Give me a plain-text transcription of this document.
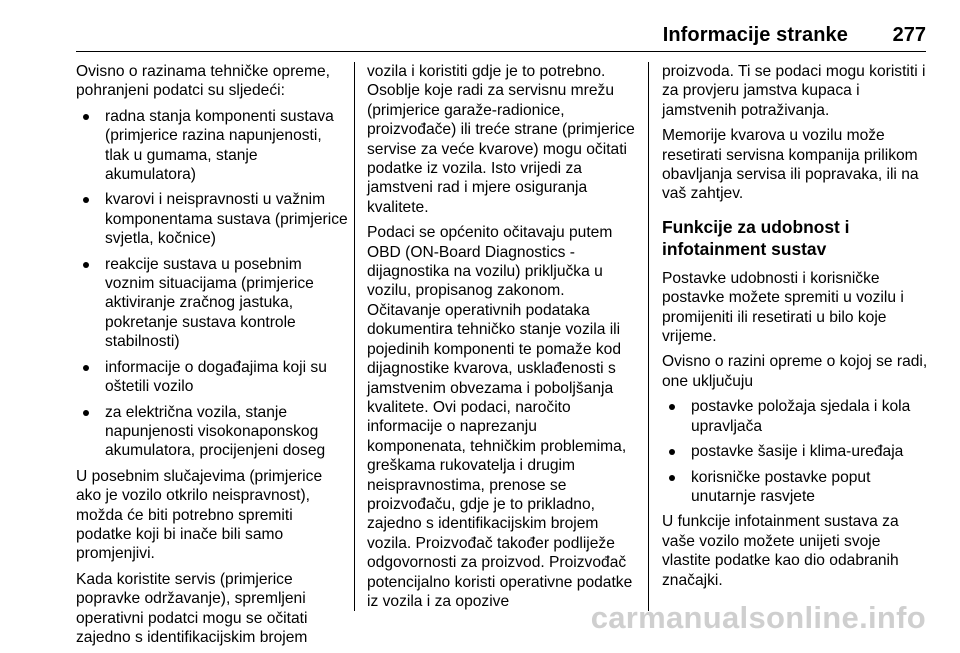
Informacije stranke 277

Ovisno o razinama tehničke opreme, pohranjeni podatci su sljedeći:

radna stanja komponenti sustava (primjerice razina napunjenosti, tlak u gumama, stanje akumulatora)
kvarovi i neispravnosti u važnim komponentama sustava (primjerice svjetla, kočnice)
reakcije sustava u posebnim voznim situacijama (primjerice aktiviranje zračnog jastuka, pokretanje sustava kontrole stabilnosti)
informacije o događajima koji su oštetili vozilo
za električna vozila, stanje napunjenosti visokonaponskog akumulatora, procijenjeni doseg

U posebnim slučajevima (primjerice ako je vozilo otkrilo neispravnost), možda će biti potrebno spremiti podatke koji bi inače bili samo promjenjivi.

Kada koristite servis (primjerice popravke održavanje), spremljeni operativni podatci mogu se očitati zajedno s identifikacijskim brojem

vozila i koristiti gdje je to potrebno. Osoblje koje radi za servisnu mrežu (primjerice garaže-radionice, proizvođače) ili treće strane (primjerice servise za veće kvarove) mogu očitati podatke iz vozila. Isto vrijedi za jamstveni rad i mjere osiguranja kvalitete.

Podaci se općenito očitavaju putem OBD (ON-Board Diagnostics - dijagnostika na vozilu) priključka u vozilu, propisanog zakonom. Očitavanje operativnih podataka dokumentira tehničko stanje vozila ili pojedinih komponenti te pomaže kod dijagnostike kvarova, usklađenosti s jamstvenim obvezama i poboljšanja kvalitete. Ovi podaci, naročito informacije o naprezanju komponenata, tehničkim problemima, greškama rukovatelja i drugim neispravnostima, prenose se proizvođaču, gdje je to prikladno, zajedno s identifikacijskim brojem vozila. Proizvođač također podliježe odgovornosti za proizvod. Proizvođač potencijalno koristi operativne podatke iz vozila i za opozive

proizvoda. Ti se podaci mogu koristiti i za provjeru jamstva kupaca i jamstvenih potraživanja.

Memorije kvarova u vozilu može resetirati servisna kompanija prilikom obavljanja servisa ili popravaka, ili na vaš zahtjev.

Funkcije za udobnost i infotainment sustav

Postavke udobnosti i korisničke postavke možete spremiti u vozilu i promijeniti ili resetirati u bilo koje vrijeme.

Ovisno o razini opreme o kojoj se radi, one uključuju

postavke položaja sjedala i kola upravljača
postavke šasije i klima-uređaja
korisničke postavke poput unutarnje rasvjete

U funkcije infotainment sustava za vaše vozilo možete unijeti svoje vlastite podatke kao dio odabranih značajki.

carmanualsonline.info
